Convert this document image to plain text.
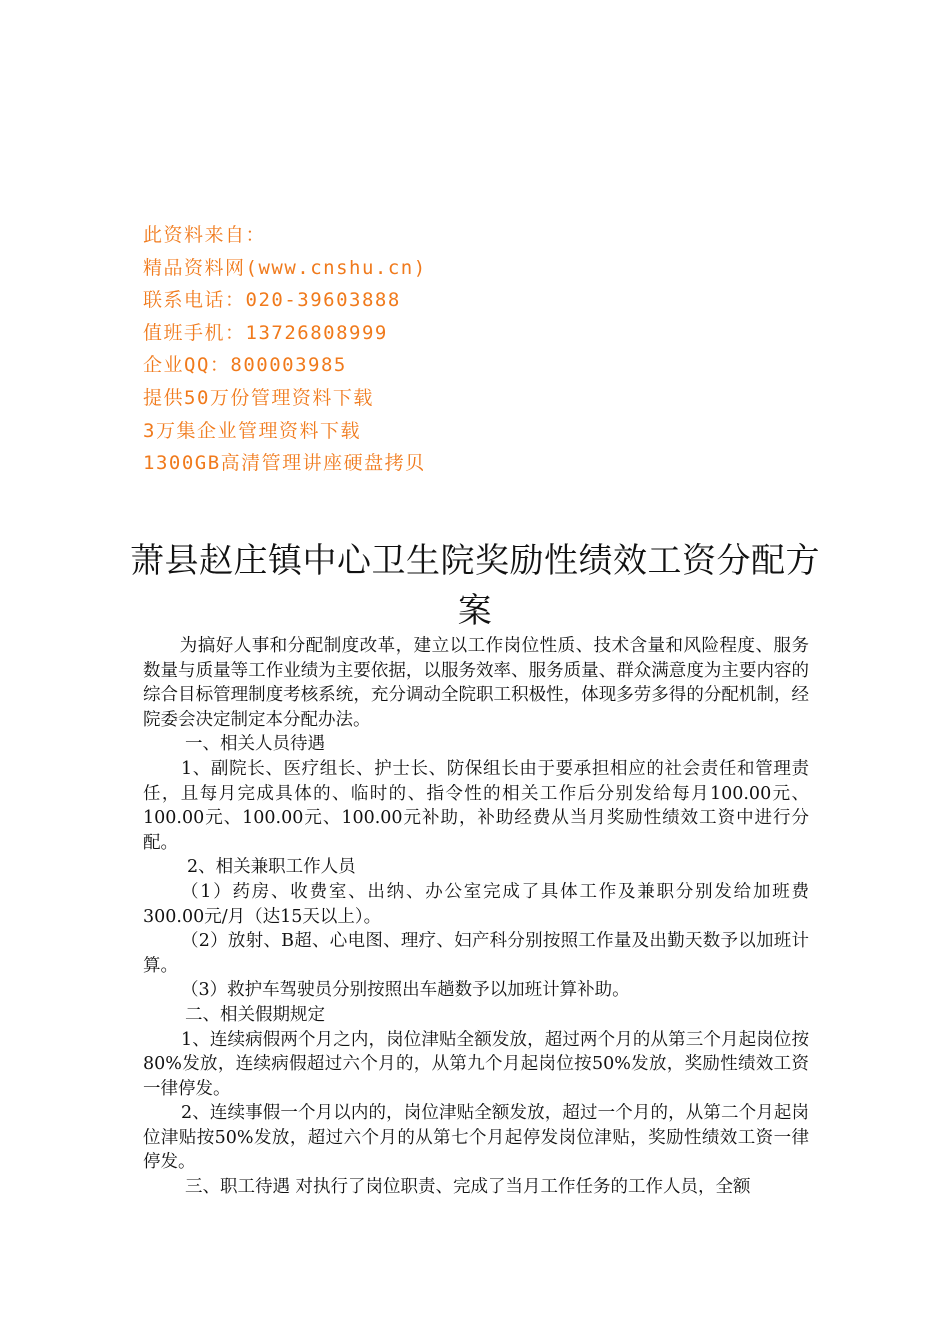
此资料来自：
精品资料网(www.cnshu.cn)
联系电话：020-39603888
值班手机：13726808999
企业QQ：800003985
提供50万份管理资料下载
3万集企业管理资料下载
1300GB高清管理讲座硬盘拷贝
萧县赵庄镇中心卫生院奖励性绩效工资分配方案

为搞好人事和分配制度改革，建立以工作岗位性质、技术含量和风险程度、服务数量与质量等工作业绩为主要依据，以服务效率、服务质量、群众满意度为主要内容的综合目标管理制度考核系统，充分调动全院职工积极性，体现多劳多得的分配机制，经院委会决定制定本分配办法。

一、相关人员待遇

1、副院长、医疗组长、护士长、防保组长由于要承担相应的社会责任和管理责任，且每月完成具体的、临时的、指令性的相关工作后分别发给每月100.00元、100.00元、100.00元、100.00元补助，补助经费从当月奖励性绩效工资中进行分配。

2、相关兼职工作人员

（1）药房、收费室、出纳、办公室完成了具体工作及兼职分别发给加班费300.00元/月（达15天以上）。

（2）放射、B超、心电图、理疗、妇产科分别按照工作量及出勤天数予以加班计算。

（3）救护车驾驶员分别按照出车趟数予以加班计算补助。

二、相关假期规定

1、连续病假两个月之内，岗位津贴全额发放，超过两个月的从第三个月起岗位按80%发放，连续病假超过六个月的，从第九个月起岗位按50%发放，奖励性绩效工资一律停发。

2、连续事假一个月以内的，岗位津贴全额发放，超过一个月的，从第二个月起岗位津贴按50%发放，超过六个月的从第七个月起停发岗位津贴，奖励性绩效工资一律停发。

三、职工待遇 对执行了岗位职责、完成了当月工作任务的工作人员，全额
